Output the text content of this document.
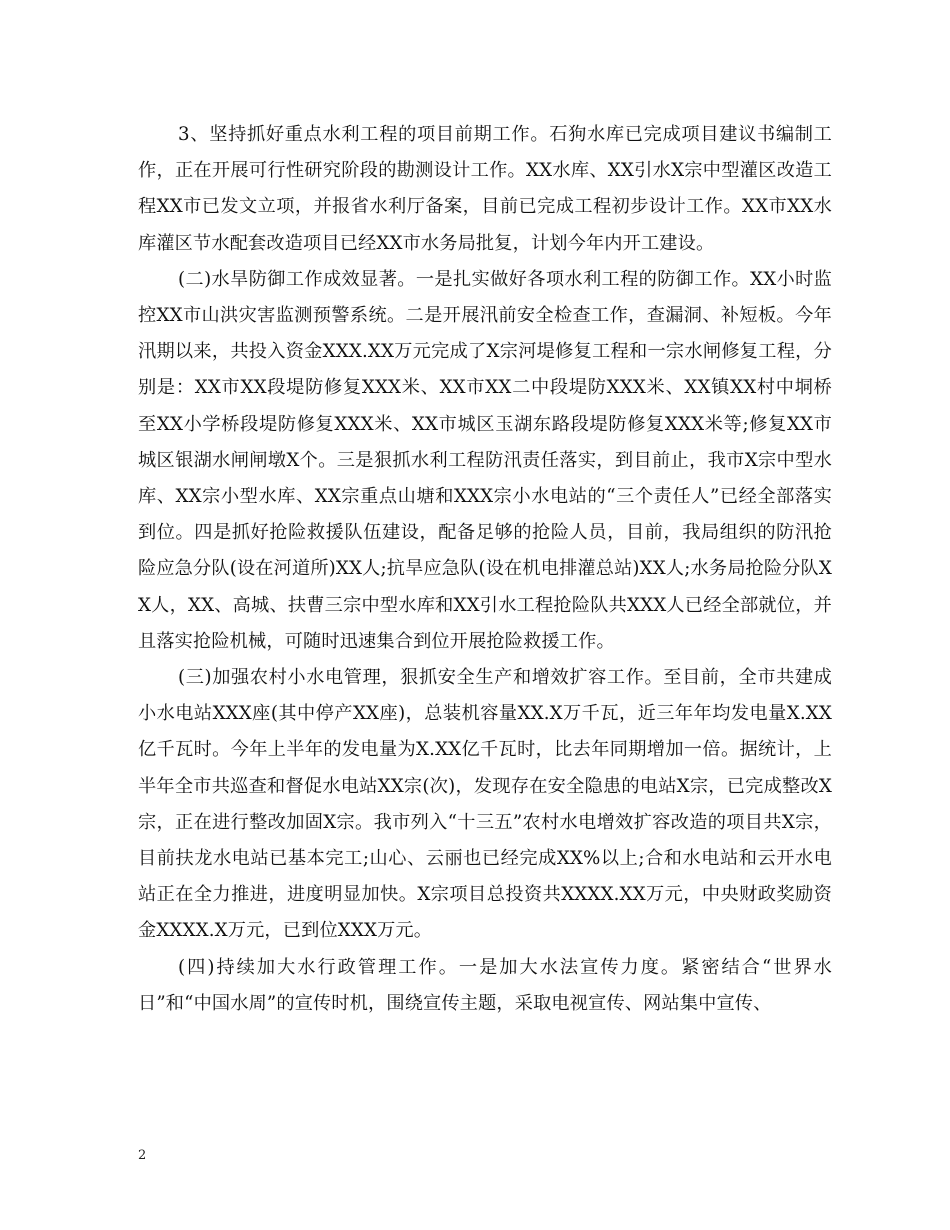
3、坚持抓好重点水利工程的项目前期工作。石狗水库已完成项目建议书编制工作，正在开展可行性研究阶段的勘测设计工作。XX水库、XX引水X宗中型灌区改造工程XX市已发文立项，并报省水利厅备案，目前已完成工程初步设计工作。XX市XX水库灌区节水配套改造项目已经XX市水务局批复，计划今年内开工建设。

(二)水旱防御工作成效显著。一是扎实做好各项水利工程的防御工作。XX小时监控XX市山洪灾害监测预警系统。二是开展汛前安全检查工作，查漏洞、补短板。今年汛期以来，共投入资金XXX.XX万元完成了X宗河堤修复工程和一宗水闸修复工程，分别是：XX市XX段堤防修复XXX米、XX市XX二中段堤防XXX米、XX镇XX村中垌桥至XX小学桥段堤防修复XXX米、XX市城区玉湖东路段堤防修复XXX米等;修复XX市城区银湖水闸闸墩X个。三是狠抓水利工程防汛责任落实，到目前止，我市X宗中型水库、XX宗小型水库、XX宗重点山塘和XXX宗小水电站的“三个责任人”已经全部落实到位。四是抓好抢险救援队伍建设，配备足够的抢险人员，目前，我局组织的防汛抢险应急分队(设在河道所)XX人;抗旱应急队(设在机电排灌总站)XX人;水务局抢险分队XX人，XX、高城、扶曹三宗中型水库和XX引水工程抢险队共XXX人已经全部就位，并且落实抢险机械，可随时迅速集合到位开展抢险救援工作。

(三)加强农村小水电管理，狠抓安全生产和增效扩容工作。至目前，全市共建成小水电站XXX座(其中停产XX座)，总装机容量XX.X万千瓦，近三年年均发电量X.XX亿千瓦时。今年上半年的发电量为X.XX亿千瓦时，比去年同期增加一倍。据统计，上半年全市共巡查和督促水电站XX宗(次)，发现存在安全隐患的电站X宗，已完成整改X宗，正在进行整改加固X宗。我市列入“十三五”农村水电增效扩容改造的项目共X宗，目前扶龙水电站已基本完工;山心、云丽也已经完成XX%以上;合和水电站和云开水电站正在全力推进，进度明显加快。X宗项目总投资共XXXX.XX万元，中央财政奖励资金XXXX.X万元，已到位XXX万元。

(四)持续加大水行政管理工作。一是加大水法宣传力度。紧密结合“世界水日”和“中国水周”的宣传时机，围绕宣传主题，采取电视宣传、网站集中宣传、

2
